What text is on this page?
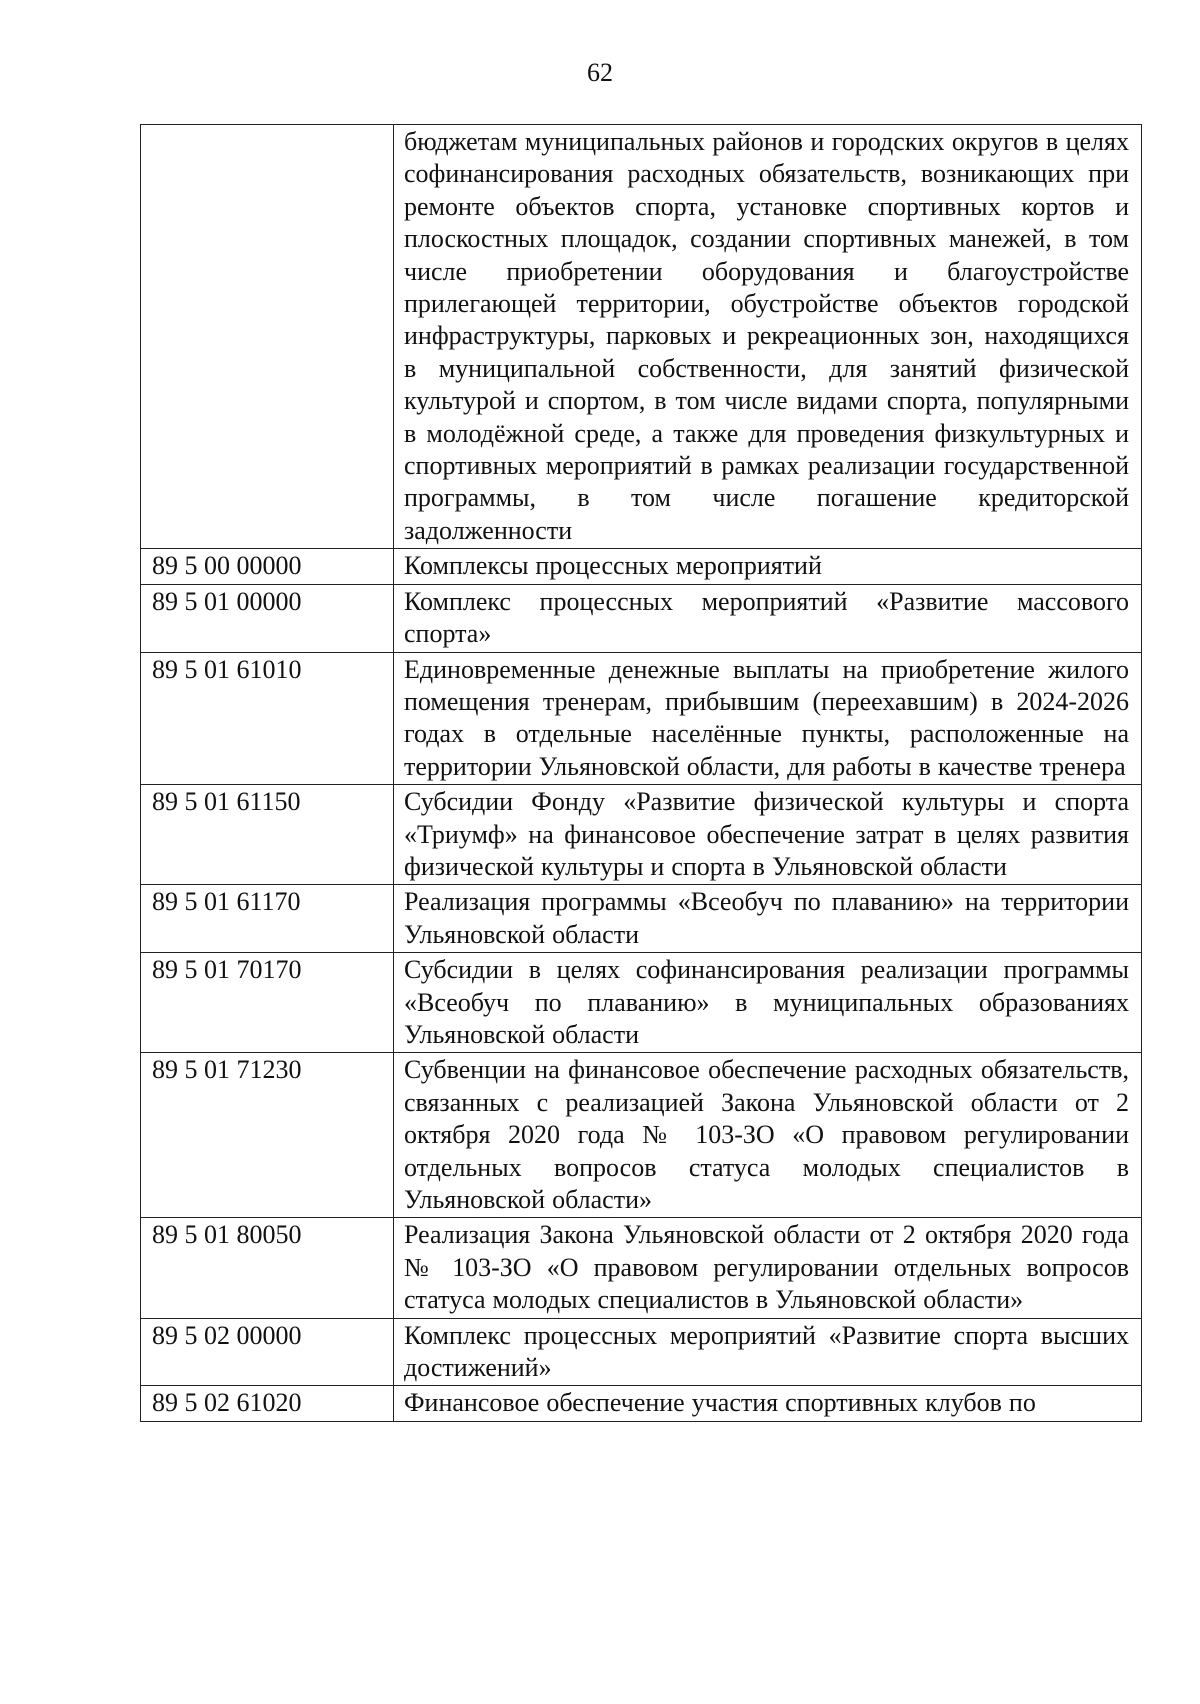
62
	бюджетам муниципальных районов и городских округов в целях софинансирования расходных обязательств, возникающих при ремонте объектов спорта, установке спортивных кортов и плоскостных площадок, создании спортивных манежей, в том числе приобретении оборудования и благоустройстве прилегающей территории, обустройстве объектов городской инфраструктуры, парковых и рекреационных зон, находящихся в муниципальной собственности, для занятий физической культурой и спортом, в том числе видами спорта, популярными в молодёжной среде, а также для проведения физкультурных и спортивных мероприятий в рамках реализации государственной программы, в том числе погашение кредиторской задолженности
89 5 00 00000	Комплексы процессных мероприятий
89 5 01 00000	Комплекс процессных мероприятий «Развитие массового спорта»
89 5 01 61010	Единовременные денежные выплаты на приобретение жилого помещения тренерам, прибывшим (переехавшим) в 2024-2026 годах в отдельные населённые пункты, расположенные на территории Ульяновской области, для работы в качестве тренера
89 5 01 61150	Субсидии Фонду «Развитие физической культуры и спорта «Триумф» на финансовое обеспечение затрат в целях развития физической культуры и спорта в Ульяновской области
89 5 01 61170	Реализация программы «Всеобуч по плаванию» на территории Ульяновской области
89 5 01 70170	Субсидии в целях софинансирования реализации программы «Всеобуч по плаванию» в муниципальных образованиях Ульяновской области
89 5 01 71230	Субвенции на финансовое обеспечение расходных обязательств, связанных с реализацией Закона Ульяновской области от 2 октября 2020 года № 103-ЗО «О правовом регулировании отдельных вопросов статуса молодых специалистов в Ульяновской области»
89 5 01 80050	Реализация Закона Ульяновской области от 2 октября 2020 года № 103-ЗО «О правовом регулировании отдельных вопросов статуса молодых специалистов в Ульяновской области»
89 5 02 00000	Комплекс процессных мероприятий «Развитие спорта высших достижений»
89 5 02 61020	Финансовое обеспечение участия спортивных клубов по
